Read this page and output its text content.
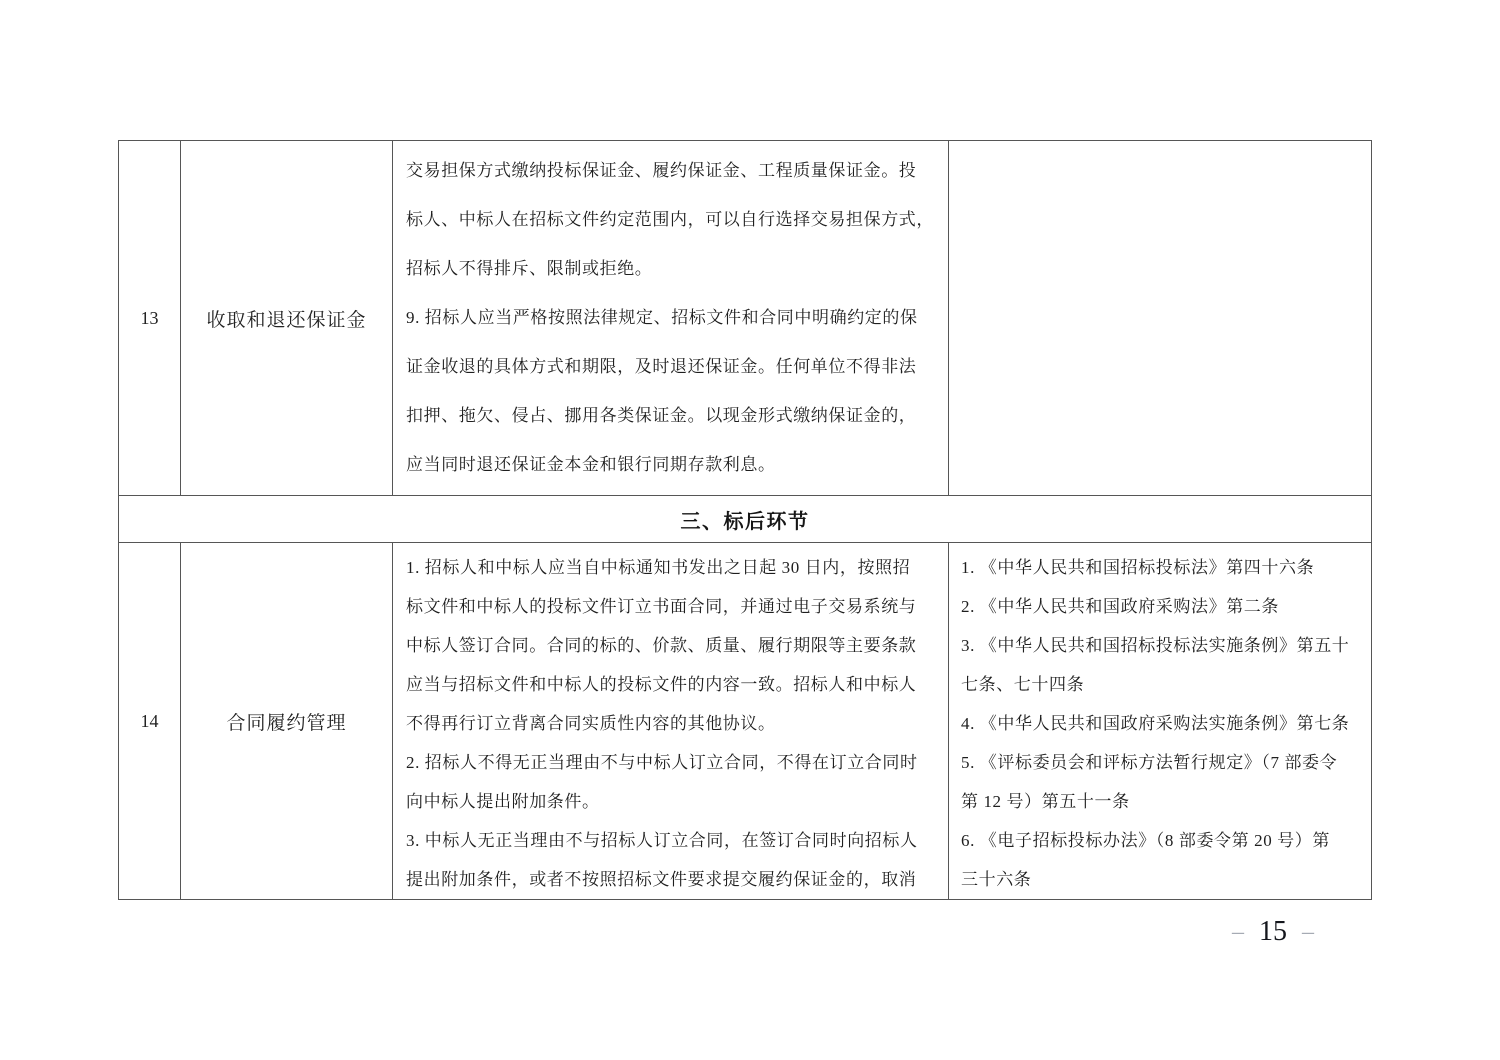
13	收取和退还保证金
交易担保方式缴纳投标保证金、履约保证金、工程质量保证金。投
标人、中标人在招标文件约定范围内，可以自行选择交易担保方式，
招标人不得排斥、限制或拒绝。
9. 招标人应当严格按照法律规定、招标文件和合同中明确约定的保
证金收退的具体方式和期限，及时退还保证金。任何单位不得非法
扣押、拖欠、侵占、挪用各类保证金。以现金形式缴纳保证金的，
应当同时退还保证金本金和银行同期存款利息。
三、标后环节
14	合同履约管理
1. 招标人和中标人应当自中标通知书发出之日起 30 日内，按照招
标文件和中标人的投标文件订立书面合同，并通过电子交易系统与
中标人签订合同。合同的标的、价款、质量、履行期限等主要条款
应当与招标文件和中标人的投标文件的内容一致。招标人和中标人
不得再行订立背离合同实质性内容的其他协议。
2. 招标人不得无正当理由不与中标人订立合同，不得在订立合同时
向中标人提出附加条件。
3. 中标人无正当理由不与招标人订立合同，在签订合同时向招标人
提出附加条件，或者不按照招标文件要求提交履约保证金的，取消
1. 《中华人民共和国招标投标法》第四十六条
2. 《中华人民共和国政府采购法》第二条
3. 《中华人民共和国招标投标法实施条例》第五十
七条、七十四条
4. 《中华人民共和国政府采购法实施条例》第七条
5. 《评标委员会和评标方法暂行规定》（7 部委令
第 12 号）第五十一条
6. 《电子招标投标办法》（8 部委令第 20 号）第
三十六条
– 15 –
